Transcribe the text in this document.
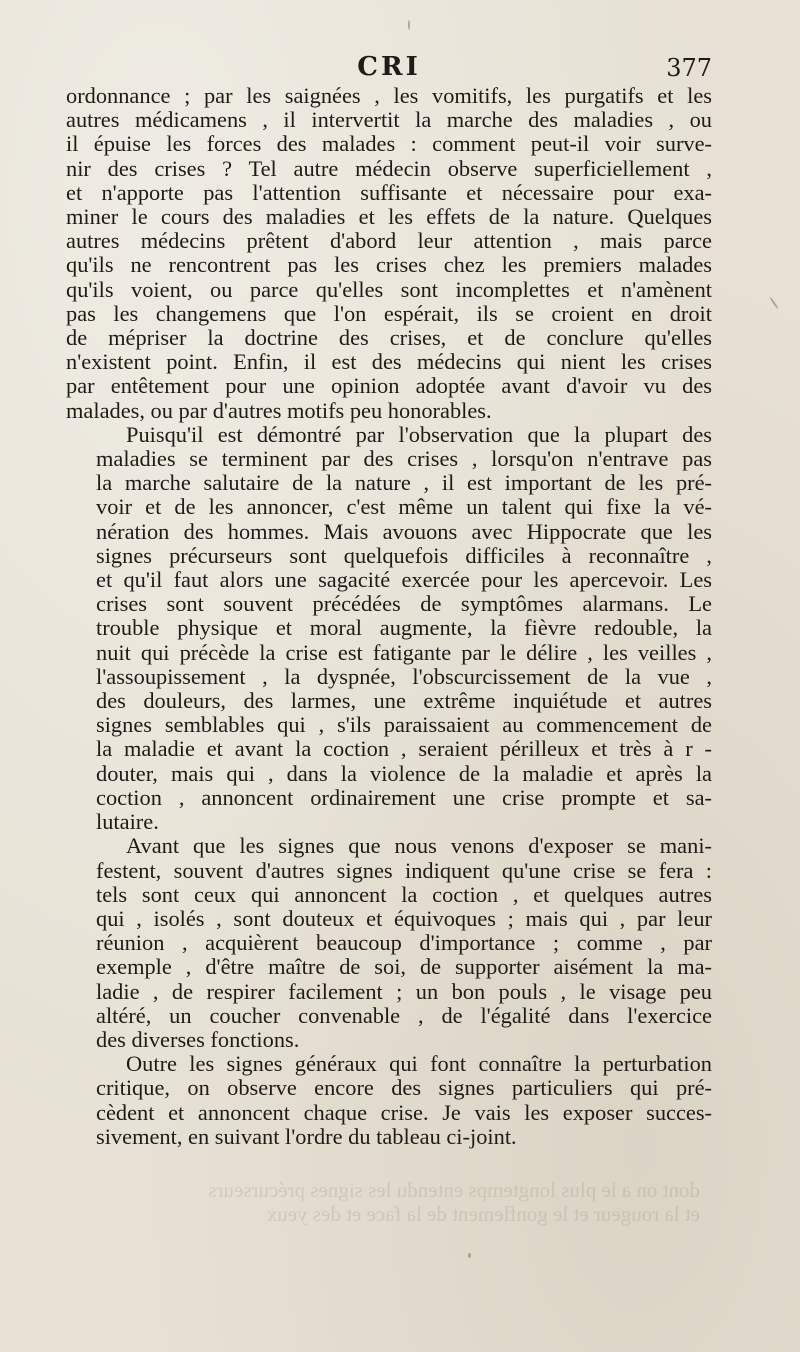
CRI	377

ordonnance ; par les saignées , les vomitifs, les purgatifs et les
autres médicamens , il intervertit la marche des maladies , ou
il épuise les forces des malades : comment peut-il voir surve-
nir des crises ? Tel autre médecin observe superficiellement ,
et n'apporte pas l'attention suffisante et nécessaire pour exa-
miner le cours des maladies et les effets de la nature. Quelques
autres médecins prêtent d'abord leur attention , mais parce
qu'ils ne rencontrent pas les crises chez les premiers malades
qu'ils voient, ou parce qu'elles sont incomplettes et n'amènent
pas les changemens que l'on espérait, ils se croient en droit
de mépriser la doctrine des crises, et de conclure qu'elles
n'existent point. Enfin, il est des médecins qui nient les crises
par entêtement pour une opinion adoptée avant d'avoir vu des
malades, ou par d'autres motifs peu honorables.

Puisqu'il est démontré par l'observation que la plupart des
maladies se terminent par des crises , lorsqu'on n'entrave pas
la marche salutaire de la nature , il est important de les pré-
voir et de les annoncer, c'est même un talent qui fixe la vé-
nération des hommes. Mais avouons avec Hippocrate que les
signes précurseurs sont quelquefois difficiles à reconnaître ,
et qu'il faut alors une sagacité exercée pour les apercevoir. Les
crises sont souvent précédées de symptômes alarmans. Le
trouble physique et moral augmente, la fièvre redouble, la
nuit qui précède la crise est fatigante par le délire , les veilles ,
l'assoupissement , la dyspnée, l'obscurcissement de la vue ,
des douleurs, des larmes, une extrême inquiétude et autres
signes semblables qui , s'ils paraissaient au commencement de
la maladie et avant la coction , seraient périlleux et très à r -
douter, mais qui , dans la violence de la maladie et après la
coction , annoncent ordinairement une crise prompte et sa-
lutaire.

Avant que les signes que nous venons d'exposer se mani-
festent, souvent d'autres signes indiquent qu'une crise se fera :
tels sont ceux qui annoncent la coction , et quelques autres
qui , isolés , sont douteux et équivoques ; mais qui , par leur
réunion , acquièrent beaucoup d'importance ; comme , par
exemple , d'être maître de soi, de supporter aisément la ma-
ladie , de respirer facilement ; un bon pouls , le visage peu
altéré, un coucher convenable , de l'égalité dans l'exercice
des diverses fonctions.

Outre les signes généraux qui font connaître la perturbation
critique, on observe encore des signes particuliers qui pré-
cèdent et annoncent chaque crise. Je vais les exposer succes-
sivement, en suivant l'ordre du tableau ci-joint.

dont on a le plus longtemps entendu les signes précurseurs
et la rougeur et le gonflement de la face et des yeux
